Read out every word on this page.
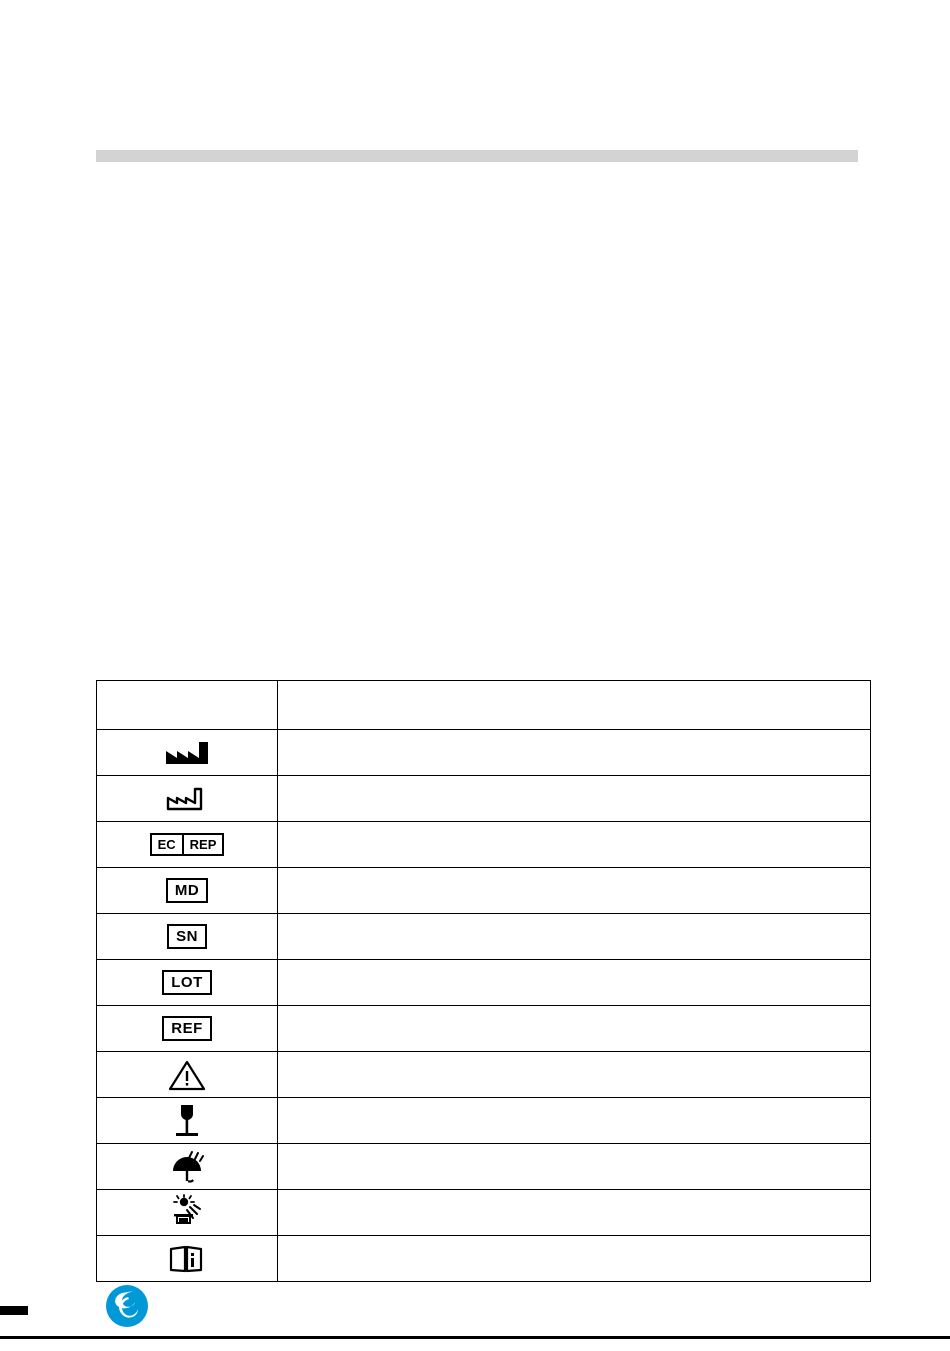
EC REP	

MD	

SN	

LOT	

REF	
